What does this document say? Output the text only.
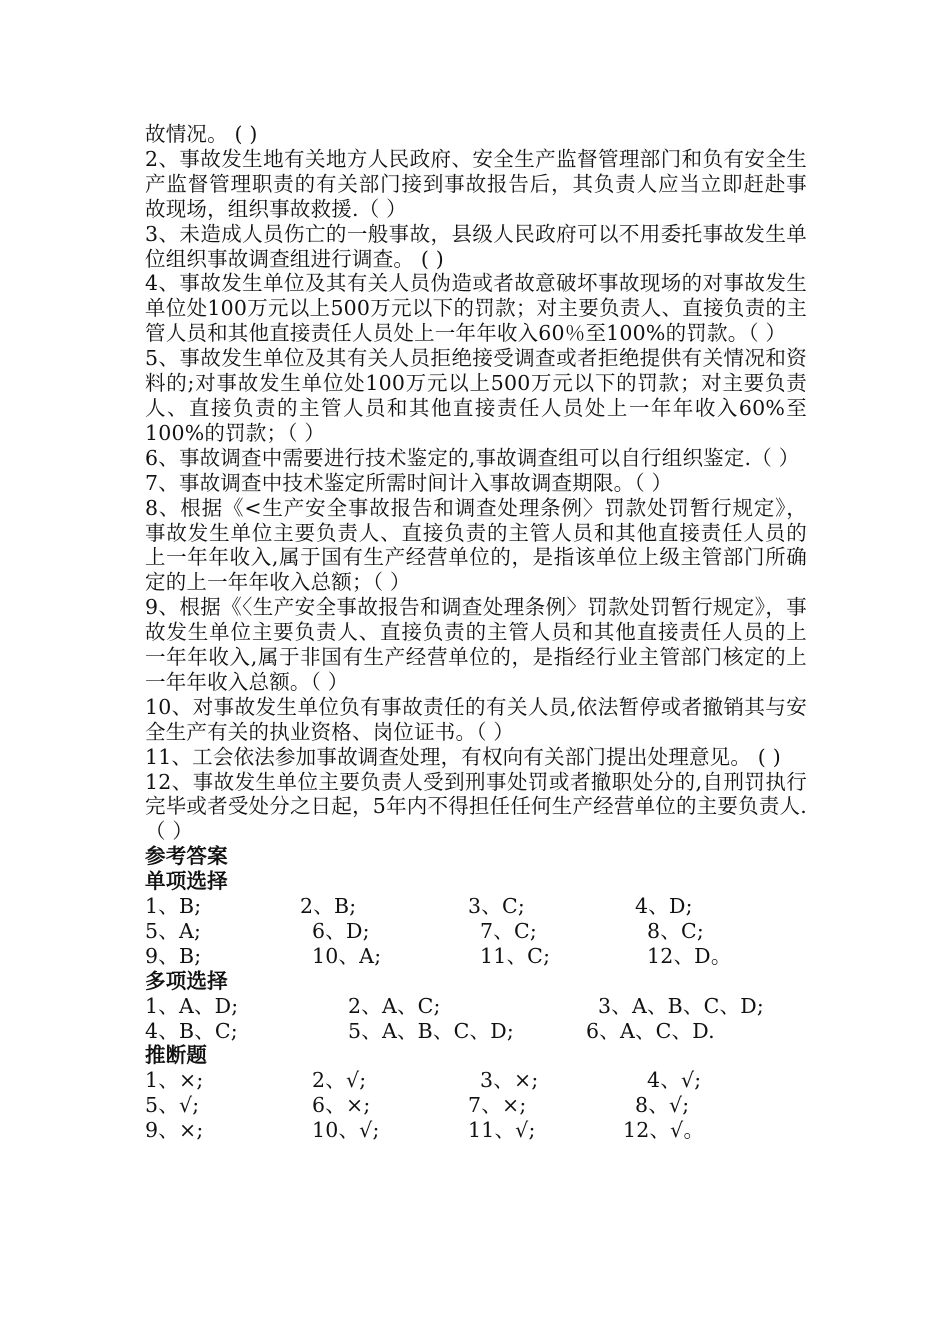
故情况。 ( )

2、事故发生地有关地方人民政府、安全生产监督管理部门和负有安全生产监督管理职责的有关部门接到事故报告后，其负责人应当立即赶赴事故现场，组织事故救援.（ ）

3、未造成人员伤亡的一般事故，县级人民政府可以不用委托事故发生单位组织事故调查组进行调查。 ( )

4、事故发生单位及其有关人员伪造或者故意破坏事故现场的对事故发生单位处100万元以上500万元以下的罚款；对主要负责人、直接负责的主管人员和其他直接责任人员处上一年年收入60％至100%的罚款。（ ）

5、事故发生单位及其有关人员拒绝接受调查或者拒绝提供有关情况和资料的;对事故发生单位处100万元以上500万元以下的罚款；对主要负责人、直接负责的主管人员和其他直接责任人员处上一年年收入60%至100%的罚款；（ ）

6、事故调查中需要进行技术鉴定的,事故调查组可以自行组织鉴定.（ ）

7、事故调查中技术鉴定所需时间计入事故调查期限。（ ）

8、根据《<生产安全事故报告和调查处理条例〉罚款处罚暂行规定》，事故发生单位主要负责人、直接负责的主管人员和其他直接责任人员的上一年年收入,属于国有生产经营单位的，是指该单位上级主管部门所确定的上一年年收入总额；（ ）

9、根据《〈生产安全事故报告和调查处理条例〉罚款处罚暂行规定》，事故发生单位主要负责人、直接负责的主管人员和其他直接责任人员的上一年年收入,属于非国有生产经营单位的，是指经行业主管部门核定的上一年年收入总额。（ ）

10、对事故发生单位负有事故责任的有关人员,依法暂停或者撤销其与安全生产有关的执业资格、岗位证书。（ ）

11、工会依法参加事故调查处理，有权向有关部门提出处理意见。 ( )

12、事故发生单位主要负责人受到刑事处罚或者撤职处分的,自刑罚执行完毕或者受处分之日起，5年内不得担任任何生产经营单位的主要负责人.（ ）

参考答案

单项选择

1、B;	2、B;	3、C;	4、D;
5、A;	6、D;	7、C;	8、C;
9、B;	10、A;	11、C;	12、D。

多项选择

1、A、D;	2、A、C;	3、A、B、C、D;
4、B、C;	5、A、B、C、D;	6、A、C、D.

推断题

1、×;	2、√;	3、×;	4、√;
5、√;	6、×;	7、×;	8、√;
9、×;	10、√;	11、√;	12、√。
